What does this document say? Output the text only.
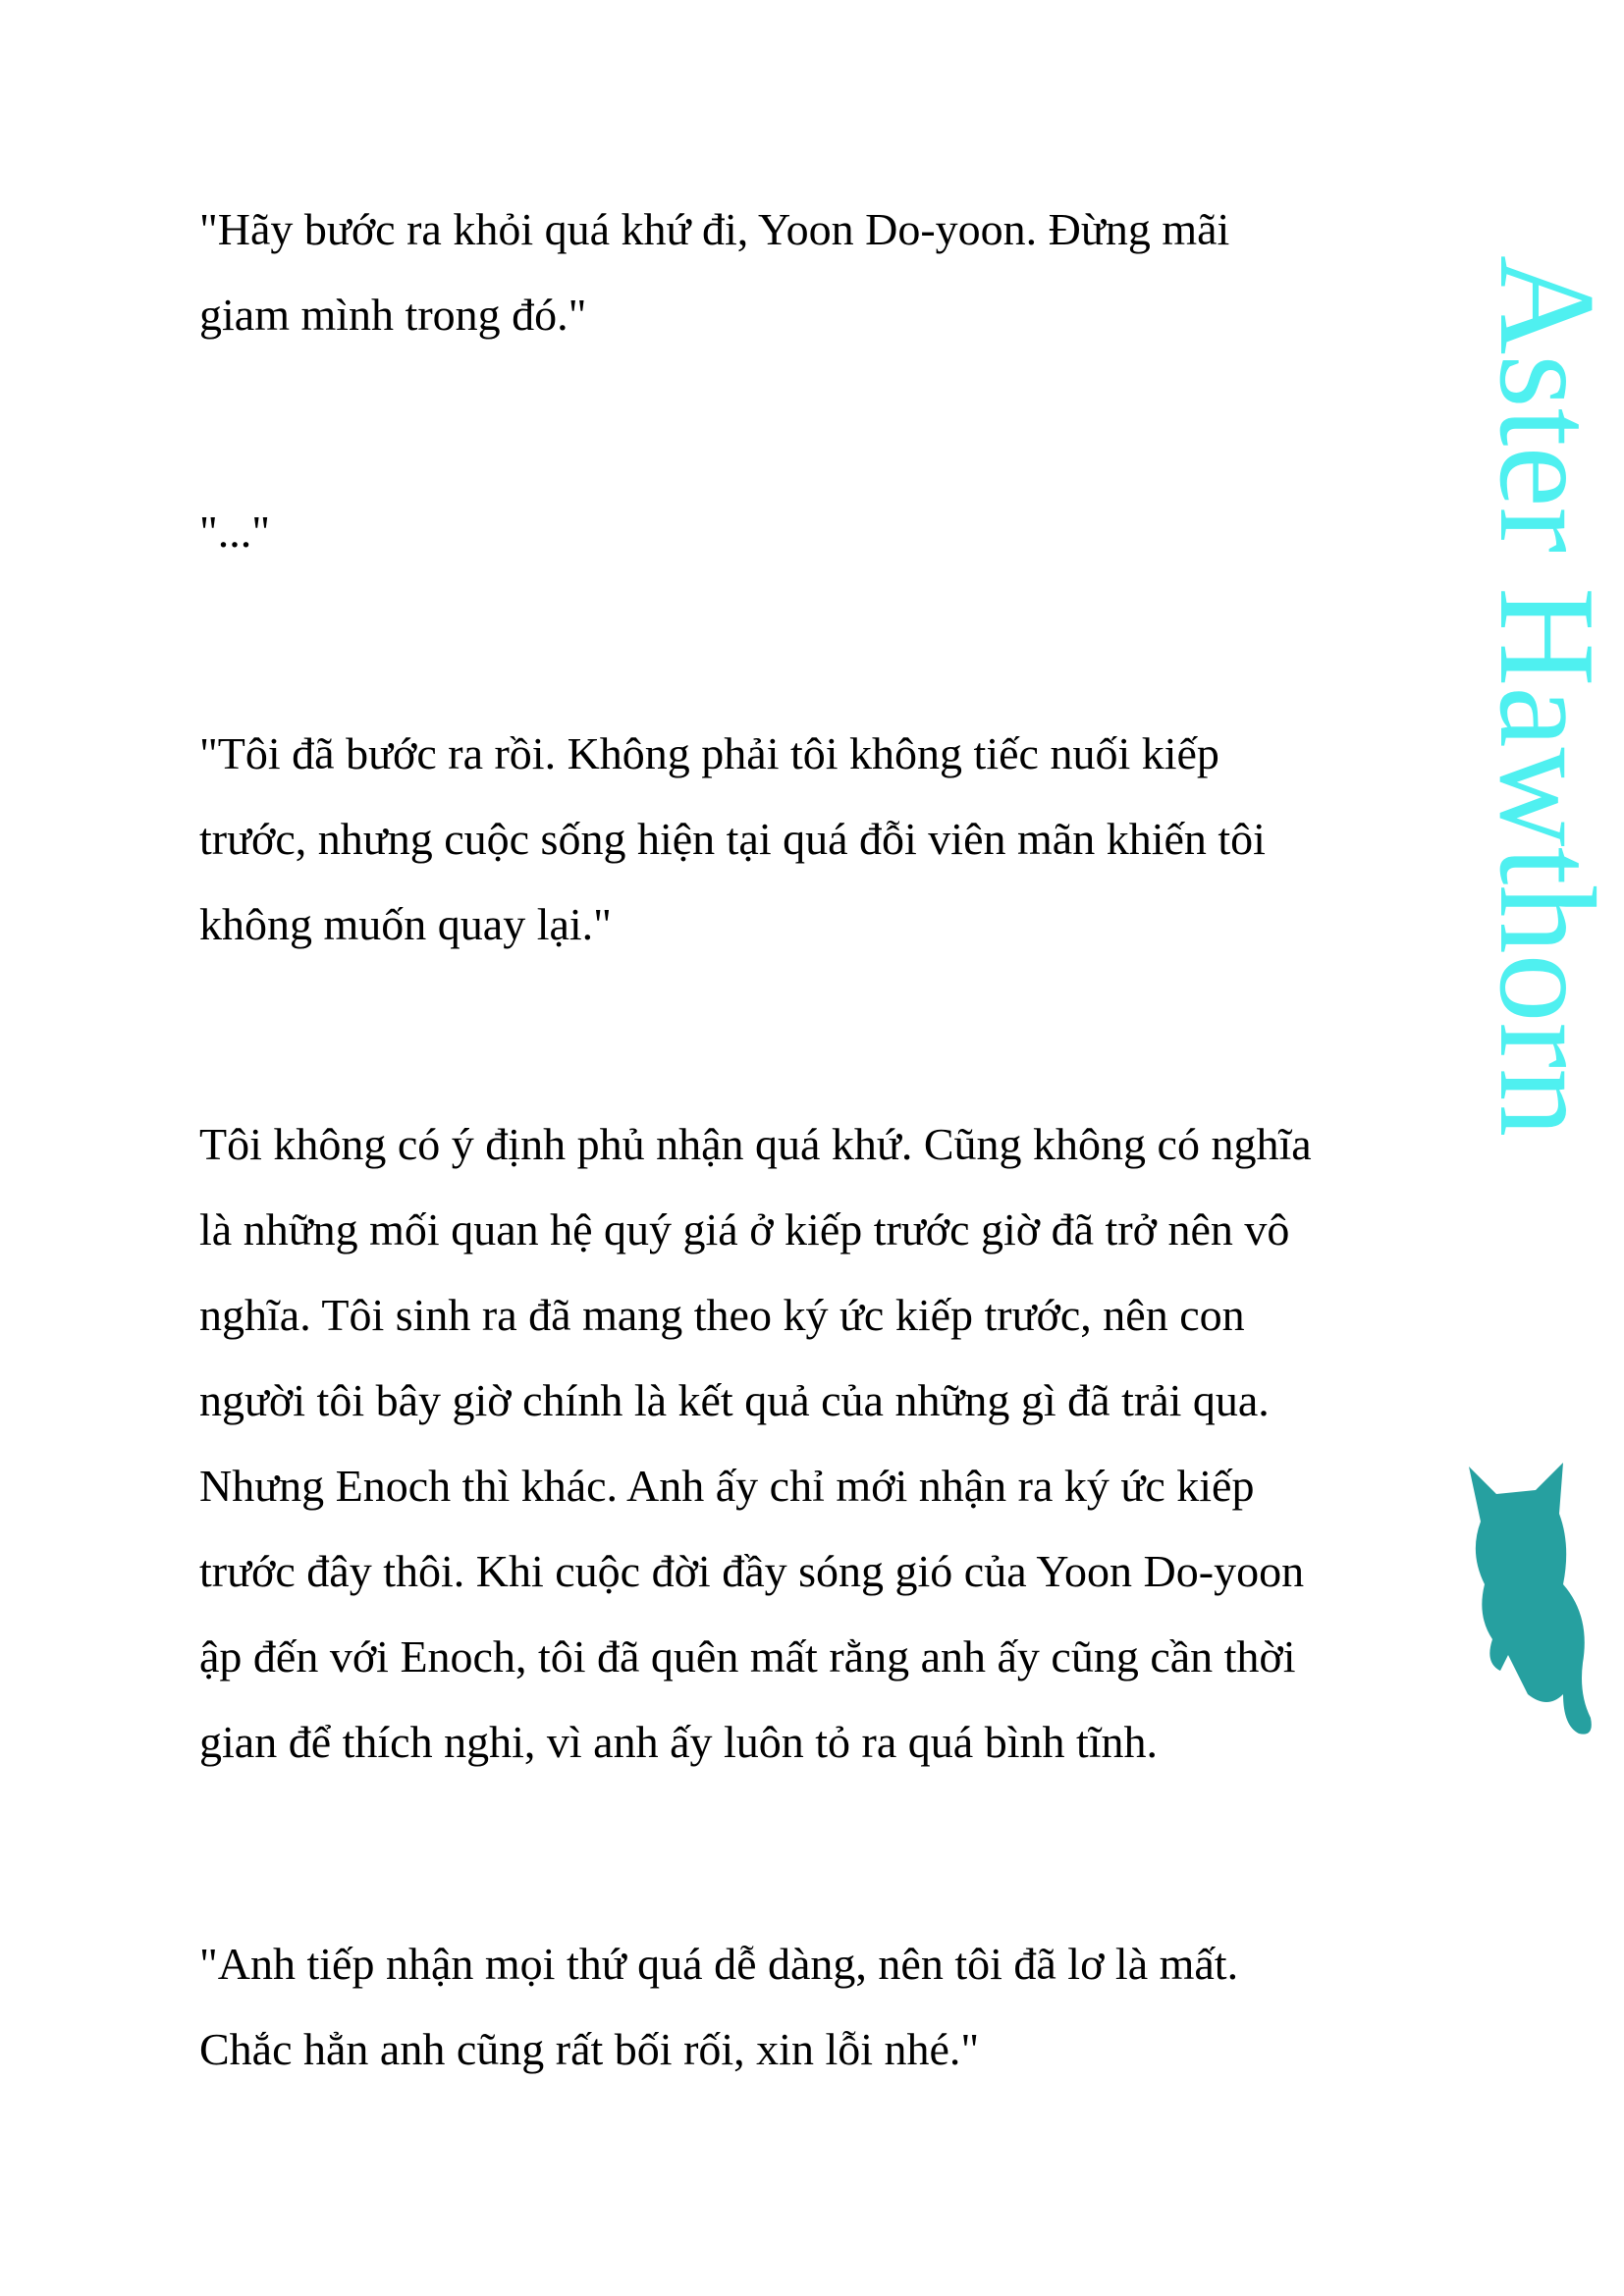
"Hãy bước ra khỏi quá khứ đi, Yoon Do-yoon. Đừng mãi
giam mình trong đó."
"..."
"Tôi đã bước ra rồi. Không phải tôi không tiếc nuối kiếp
trước, nhưng cuộc sống hiện tại quá đỗi viên mãn khiến tôi
không muốn quay lại."
Tôi không có ý định phủ nhận quá khứ. Cũng không có nghĩa
là những mối quan hệ quý giá ở kiếp trước giờ đã trở nên vô
nghĩa. Tôi sinh ra đã mang theo ký ức kiếp trước, nên con
người tôi bây giờ chính là kết quả của những gì đã trải qua.
Nhưng Enoch thì khác. Anh ấy chỉ mới nhận ra ký ức kiếp
trước đây thôi. Khi cuộc đời đầy sóng gió của Yoon Do-yoon
ập đến với Enoch, tôi đã quên mất rằng anh ấy cũng cần thời
gian để thích nghi, vì anh ấy luôn tỏ ra quá bình tĩnh.
"Anh tiếp nhận mọi thứ quá dễ dàng, nên tôi đã lơ là mất.
Chắc hẳn anh cũng rất bối rối, xin lỗi nhé."
Aster Hawthorn
